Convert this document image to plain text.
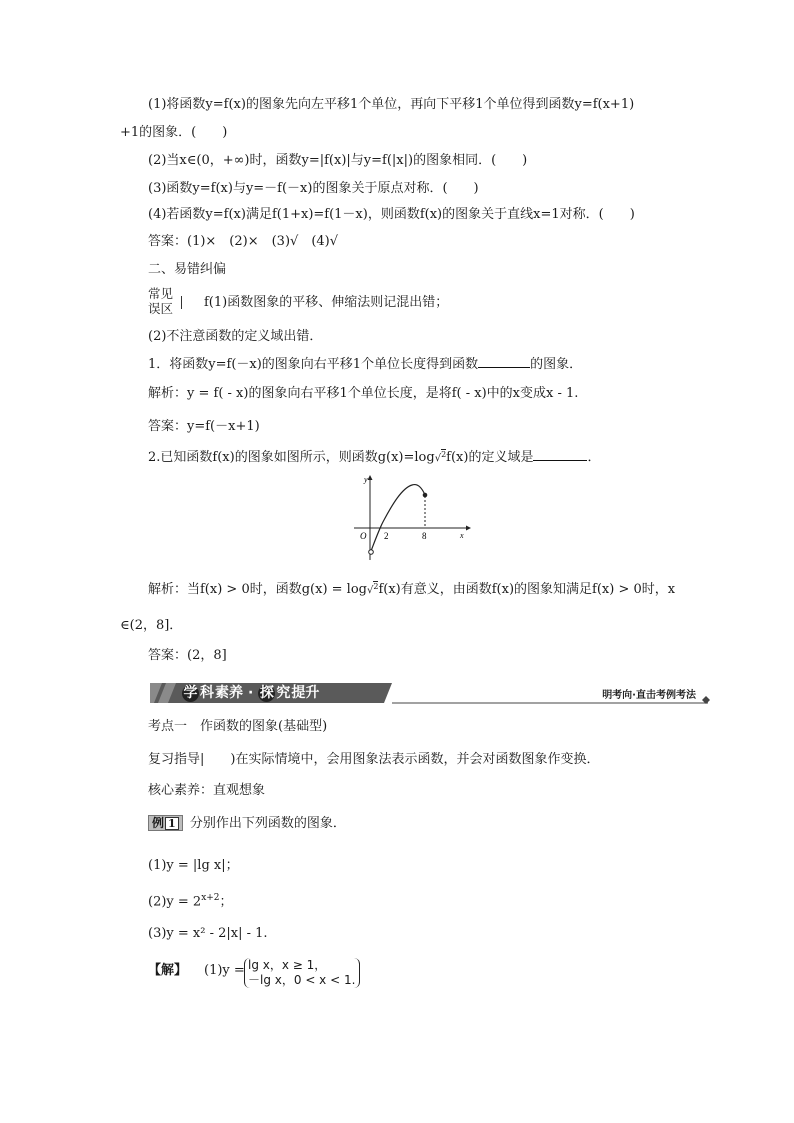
(1)将函数y=f(x)的图象先向左平移1个单位，再向下平移1个单位得到函数y=f(x+1)
+1的图象．(　　)
(2)当x∈(0，+∞)时，函数y=|f(x)|与y=f(|x|)的图象相同．(　　)
(3)函数y=f(x)与y=－f(－x)的图象关于原点对称．(　　)
(4)若函数y=f(x)满足f(1+x)=f(1－x)，则函数f(x)的图象关于直线x=1对称．(　　)
答案：(1)×　(2)×　(3)√　(4)√
二、易错纠偏
常见
误区 f(1)函数图象的平移、伸缩法则记混出错；
(2)不注意函数的定义域出错．
1．将函数y=f(－x)的图象向右平移1个单位长度得到函数	的图象．
解析：y = f( - x)的图象向右平移1个单位长度，是将f( - x)中的x变成x - 1.
答案：y=f(－x+1)
2.已知函数f(x)的图象如图所示，则函数g(x)=log√$^2$f(x)的定义域是	．
y
x
O 2	8
解析：当f(x) > 0时，函数g(x) = log√$^2$f(x)有意义，由函数f(x)的图象知满足f(x) > 0时，x
∈(2，8]．
答案：(2，8]
学 科素养 · 探 究提升	明考向·直击考例考法
考点一　作函数的图象(基础型)
复习指导| )在实际情境中，会用图象法表示函数，并会对函数图象作变换．
核心素养：直观想象
例 1 分别作出下列函数的图象．
(1)y = |lg x|；
$(2)y = 2^{x+2}$；
(3)y = x² - 2|x| - 1.
【解】 (1)y = lg x，x ≥ 1，
－lg x，0 < x < 1.
